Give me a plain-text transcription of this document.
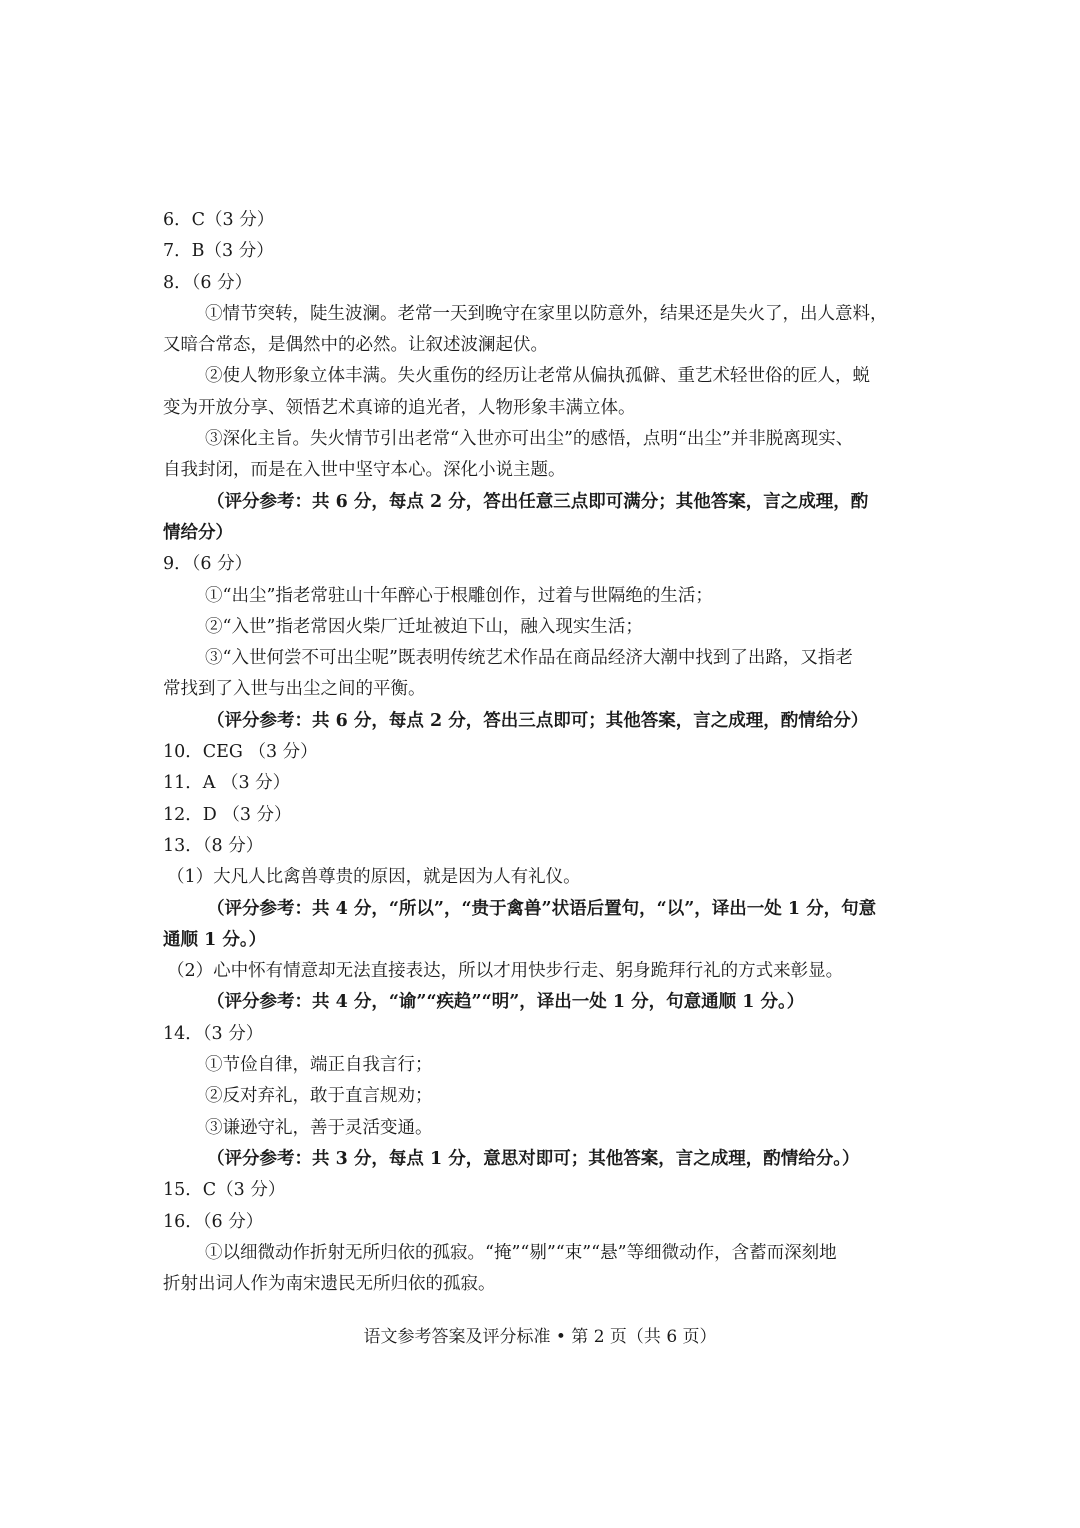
6．C（3 分）
7．B（3 分）
8．（6 分）
①情节突转，陡生波澜。老常一天到晚守在家里以防意外，结果还是失火了，出人意料，
又暗合常态，是偶然中的必然。让叙述波澜起伏。
②使人物形象立体丰满。失火重伤的经历让老常从偏执孤僻、重艺术轻世俗的匠人，蜕
变为开放分享、领悟艺术真谛的追光者，人物形象丰满立体。
③深化主旨。失火情节引出老常“入世亦可出尘”的感悟，点明“出尘”并非脱离现实、
自我封闭，而是在入世中坚守本心。深化小说主题。
（评分参考：共 6 分，每点 2 分，答出任意三点即可满分；其他答案，言之成理，酌
情给分）
9．（6 分）
①“出尘”指老常驻山十年醉心于根雕创作，过着与世隔绝的生活；
②“入世”指老常因火柴厂迁址被迫下山，融入现实生活；
③“入世何尝不可出尘呢”既表明传统艺术作品在商品经济大潮中找到了出路，又指老
常找到了入世与出尘之间的平衡。
（评分参考：共 6 分，每点 2 分，答出三点即可；其他答案，言之成理，酌情给分）
10．CEG （3 分）
11．A （3 分）
12．D （3 分）
13．（8 分）
（1）大凡人比禽兽尊贵的原因，就是因为人有礼仪。
（评分参考：共 4 分，“所以”，“贵于禽兽”状语后置句，“以”，译出一处 1 分，句意
通顺 1 分。）
（2）心中怀有情意却无法直接表达，所以才用快步行走、躬身跪拜行礼的方式来彰显。
（评分参考：共 4 分，“谕”“疾趋”“明”，译出一处 1 分，句意通顺 1 分。）
14．（3 分）
①节俭自律，端正自我言行；
②反对弃礼，敢于直言规劝；
③谦逊守礼，善于灵活变通。
（评分参考：共 3 分，每点 1 分，意思对即可；其他答案，言之成理，酌情给分。）
15．C（3 分）
16．（6 分）
①以细微动作折射无所归依的孤寂。“掩”“剔”“束”“悬”等细微动作，含蓄而深刻地
折射出词人作为南宋遗民无所归依的孤寂。
语文参考答案及评分标准 • 第 2 页（共 6 页）
